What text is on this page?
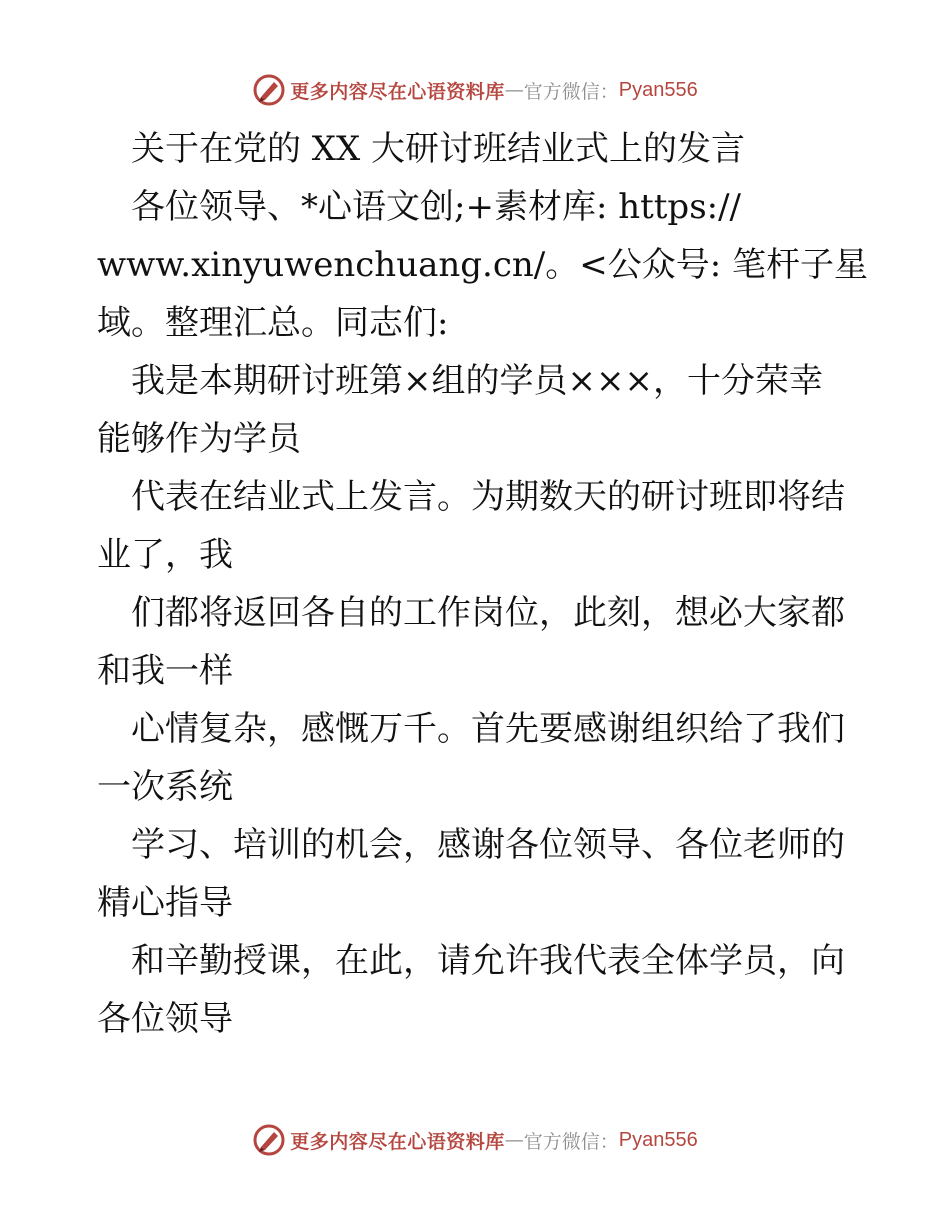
更多内容尽在心语资料库 — 官方微信： Pyan556
　关于在党的 XX 大研讨班结业式上的发言
　各位领导、*心语文创;+素材库: https://
www.xinyuwenchuang.cn/。<公众号: 笔杆子星
域。整理汇总。同志们:
　我是本期研讨班第×组的学员×××，十分荣幸
能够作为学员
　代表在结业式上发言。为期数天的研讨班即将结
业了，我
　们都将返回各自的工作岗位，此刻，想必大家都
和我一样
　心情复杂，感慨万千。首先要感谢组织给了我们
一次系统
　学习、培训的机会，感谢各位领导、各位老师的
精心指导
　和辛勤授课，在此，请允许我代表全体学员，向
各位领导
更多内容尽在心语资料库 — 官方微信： Pyan556
